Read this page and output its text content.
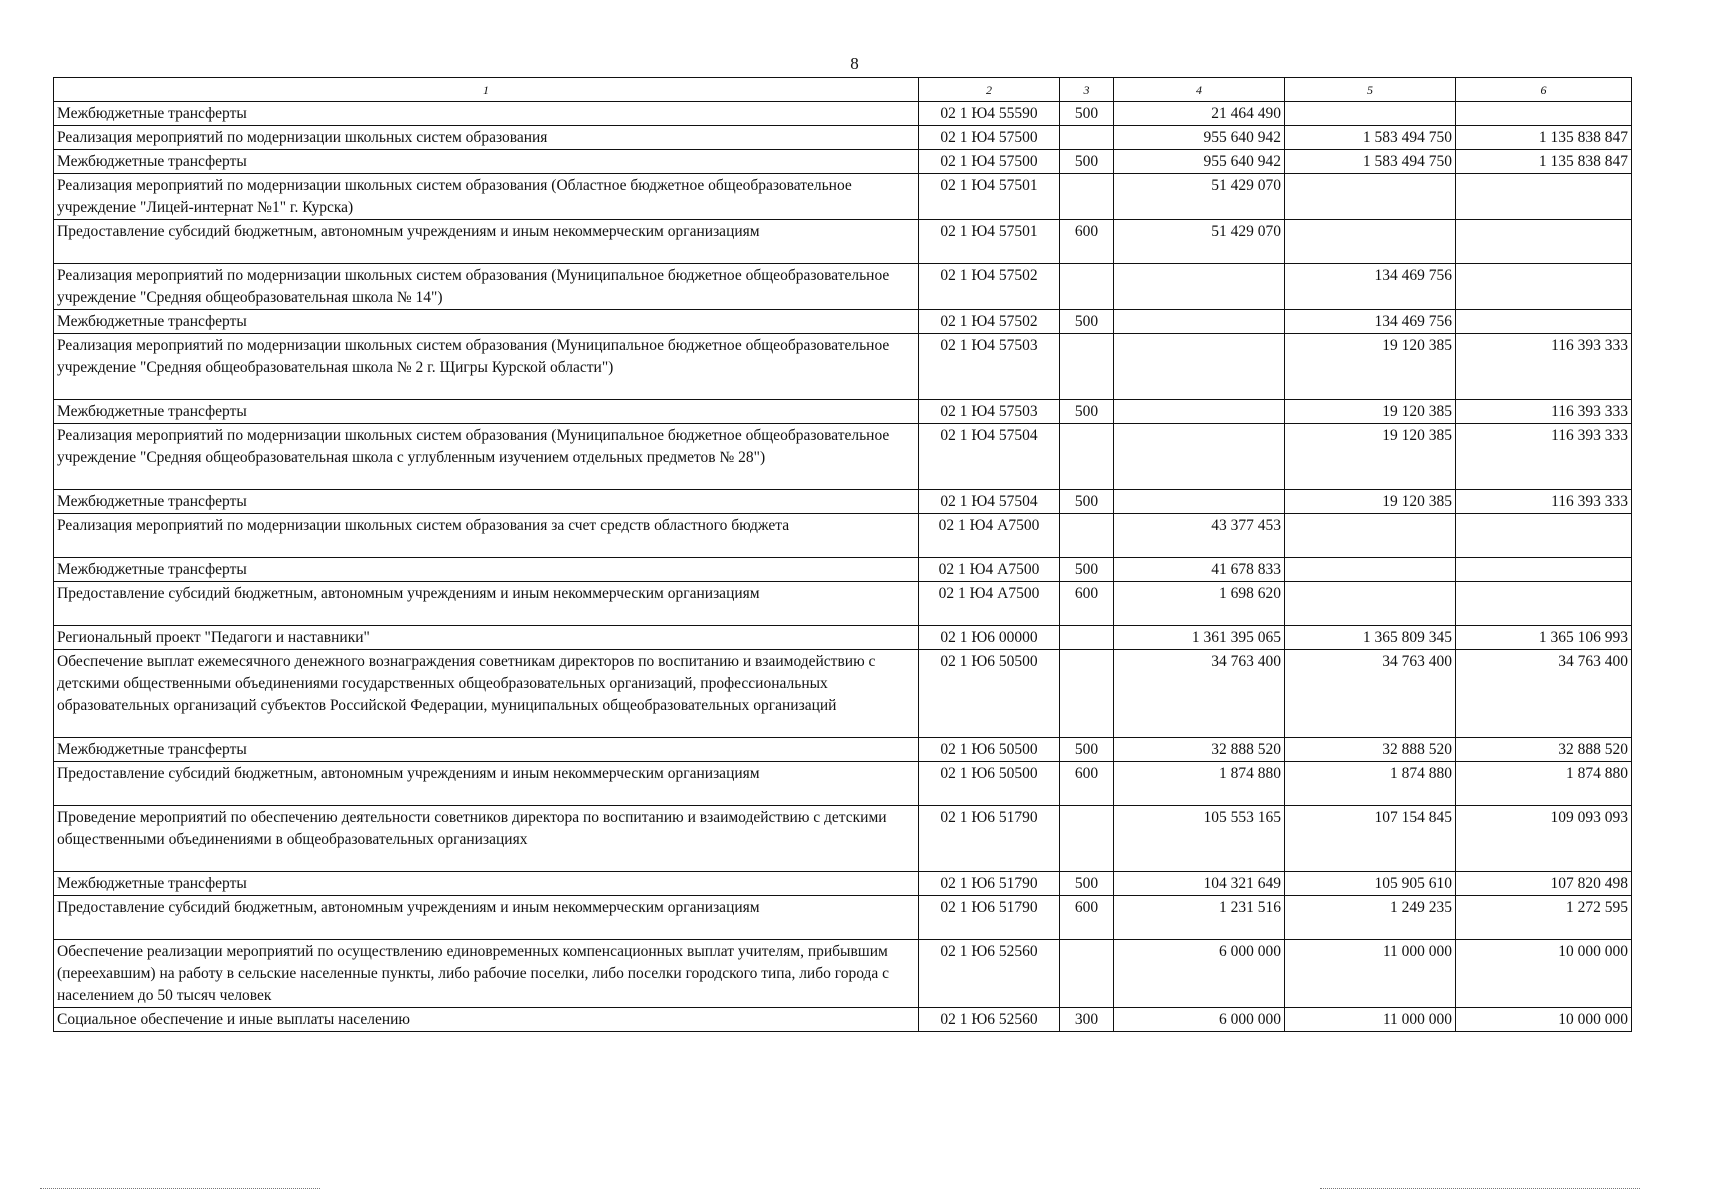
8
1	2	3	4	5	6
Межбюджетные трансферты	02 1 Ю4 55590	500	21 464 490		
Реализация мероприятий по модернизации школьных систем образования	02 1 Ю4 57500		955 640 942	1 583 494 750	1 135 838 847
Межбюджетные трансферты	02 1 Ю4 57500	500	955 640 942	1 583 494 750	1 135 838 847
Реализация мероприятий по модернизации школьных систем образования (Областное бюджетное общеобразовательное учреждение "Лицей-интернат №1" г. Курска)	02 1 Ю4 57501		51 429 070		
Предоставление субсидий бюджетным, автономным учреждениям и иным некоммерческим организациям	02 1 Ю4 57501	600	51 429 070		
Реализация мероприятий по модернизации школьных систем образования (Муниципальное бюджетное общеобразовательное учреждение "Средняя общеобразовательная школа № 14")	02 1 Ю4 57502			134 469 756	
Межбюджетные трансферты	02 1 Ю4 57502	500		134 469 756	
Реализация мероприятий по модернизации школьных систем образования (Муниципальное бюджетное общеобразовательное учреждение "Средняя общеобразовательная школа № 2 г. Щигры Курской области")	02 1 Ю4 57503			19 120 385	116 393 333
Межбюджетные трансферты	02 1 Ю4 57503	500		19 120 385	116 393 333
Реализация мероприятий по модернизации школьных систем образования (Муниципальное бюджетное общеобразовательное учреждение "Средняя общеобразовательная школа с углубленным изучением отдельных предметов № 28")	02 1 Ю4 57504			19 120 385	116 393 333
Межбюджетные трансферты	02 1 Ю4 57504	500		19 120 385	116 393 333
Реализация мероприятий по модернизации школьных систем образования за счет средств областного бюджета	02 1 Ю4 А7500		43 377 453		
Межбюджетные трансферты	02 1 Ю4 А7500	500	41 678 833		
Предоставление субсидий бюджетным, автономным учреждениям и иным некоммерческим организациям	02 1 Ю4 А7500	600	1 698 620		
Региональный проект "Педагоги и наставники"	02 1 Ю6 00000		1 361 395 065	1 365 809 345	1 365 106 993
Обеспечение выплат ежемесячного денежного вознаграждения советникам директоров по воспитанию и взаимодействию с детскими общественными объединениями государственных общеобразовательных организаций, профессиональных образовательных организаций субъектов Российской Федерации, муниципальных общеобразовательных организаций	02 1 Ю6 50500		34 763 400	34 763 400	34 763 400
Межбюджетные трансферты	02 1 Ю6 50500	500	32 888 520	32 888 520	32 888 520
Предоставление субсидий бюджетным, автономным учреждениям и иным некоммерческим организациям	02 1 Ю6 50500	600	1 874 880	1 874 880	1 874 880
Проведение мероприятий по обеспечению деятельности советников директора по воспитанию и взаимодействию с детскими общественными объединениями в общеобразовательных организациях	02 1 Ю6 51790		105 553 165	107 154 845	109 093 093
Межбюджетные трансферты	02 1 Ю6 51790	500	104 321 649	105 905 610	107 820 498
Предоставление субсидий бюджетным, автономным учреждениям и иным некоммерческим организациям	02 1 Ю6 51790	600	1 231 516	1 249 235	1 272 595
Обеспечение реализации мероприятий по осуществлению единовременных компенсационных выплат учителям, прибывшим (переехавшим) на работу в сельские населенные пункты, либо рабочие поселки, либо поселки городского типа, либо города с населением до 50 тысяч человек	02 1 Ю6 52560		6 000 000	11 000 000	10 000 000
Социальное обеспечение и иные выплаты населению	02 1 Ю6 52560	300	6 000 000	11 000 000	10 000 000
